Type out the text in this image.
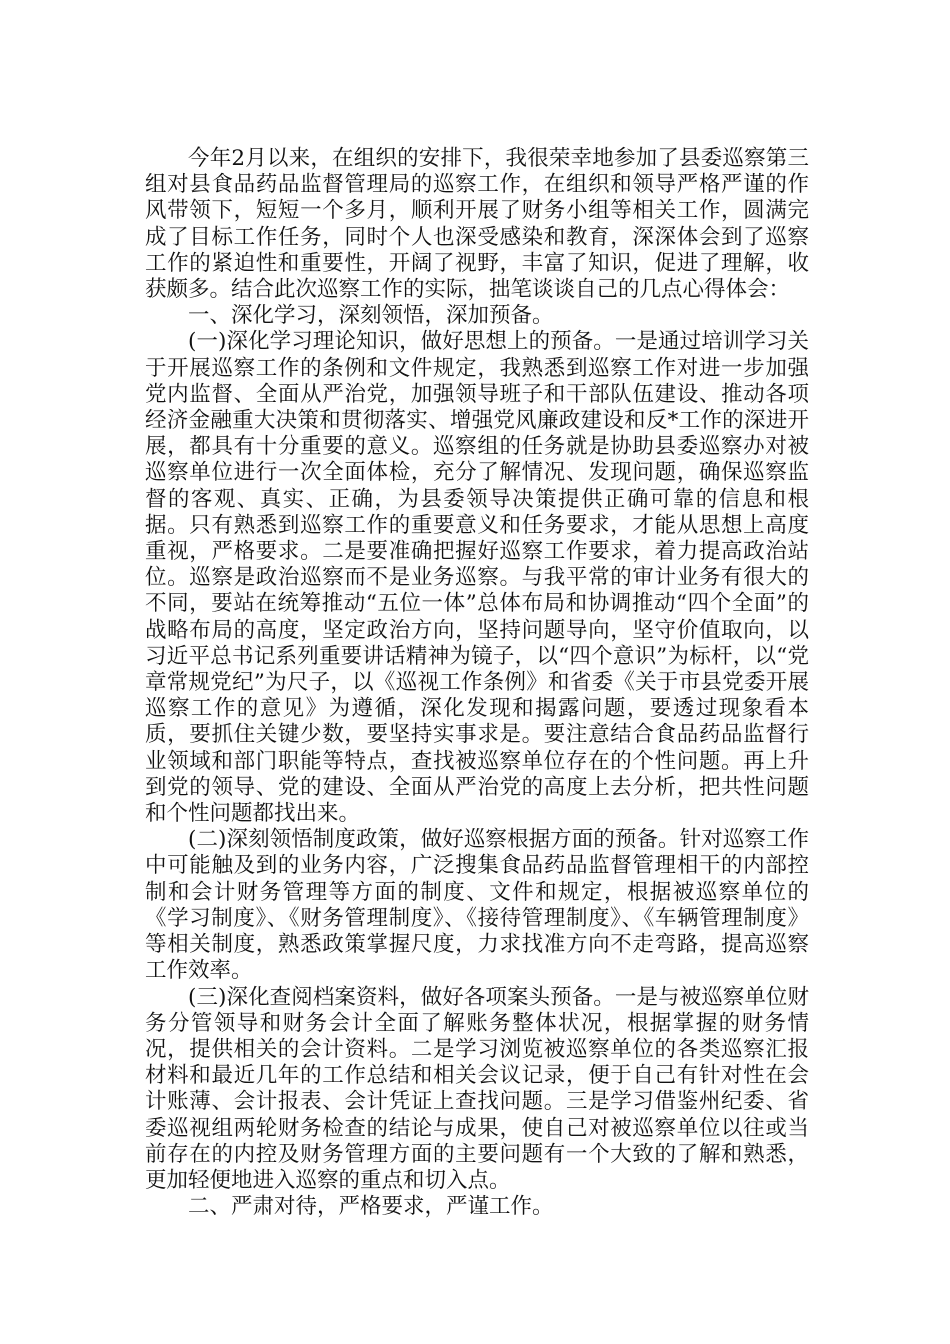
今年2月以来，在组织的安排下，我很荣幸地参加了县委巡察第三组对县食品药品监督管理局的巡察工作，在组织和领导严格严谨的作风带领下，短短一个多月，顺利开展了财务小组等相关工作，圆满完成了目标工作任务，同时个人也深受感染和教育，深深体会到了巡察工作的紧迫性和重要性，开阔了视野，丰富了知识，促进了理解，收获颇多。结合此次巡察工作的实际，拙笔谈谈自己的几点心得体会：

一、深化学习，深刻领悟，深加预备。

(一)深化学习理论知识，做好思想上的预备。一是通过培训学习关于开展巡察工作的条例和文件规定，我熟悉到巡察工作对进一步加强党内监督、全面从严治党，加强领导班子和干部队伍建设、推动各项经济金融重大决策和贯彻落实、增强党风廉政建设和反*工作的深进开展，都具有十分重要的意义。巡察组的任务就是协助县委巡察办对被巡察单位进行一次全面体检，充分了解情况、发现问题，确保巡察监督的客观、真实、正确，为县委领导决策提供正确可靠的信息和根据。只有熟悉到巡察工作的重要意义和任务要求，才能从思想上高度重视，严格要求。二是要准确把握好巡察工作要求，着力提高政治站位。巡察是政治巡察而不是业务巡察。与我平常的审计业务有很大的不同，要站在统筹推动“五位一体”总体布局和协调推动“四个全面”的战略布局的高度，坚定政治方向，坚持问题导向，坚守价值取向，以习近平总书记系列重要讲话精神为镜子，以“四个意识”为标杆，以“党章常规党纪”为尺子，以《巡视工作条例》和省委《关于市县党委开展巡察工作的意见》为遵循，深化发现和揭露问题，要透过现象看本质，要抓住关键少数，要坚持实事求是。要注意结合食品药品监督行业领域和部门职能等特点，查找被巡察单位存在的个性问题。再上升到党的领导、党的建设、全面从严治党的高度上去分析，把共性问题和个性问题都找出来。

(二)深刻领悟制度政策，做好巡察根据方面的预备。针对巡察工作中可能触及到的业务内容，广泛搜集食品药品监督管理相干的内部控制和会计财务管理等方面的制度、文件和规定，根据被巡察单位的《学习制度》、《财务管理制度》、《接待管理制度》、《车辆管理制度》等相关制度，熟悉政策掌握尺度，力求找准方向不走弯路，提高巡察工作效率。

(三)深化查阅档案资料，做好各项案头预备。一是与被巡察单位财务分管领导和财务会计全面了解账务整体状况，根据掌握的财务情况，提供相关的会计资料。二是学习浏览被巡察单位的各类巡察汇报材料和最近几年的工作总结和相关会议记录，便于自己有针对性在会计账薄、会计报表、会计凭证上查找问题。三是学习借鉴州纪委、省委巡视组两轮财务检查的结论与成果，使自己对被巡察单位以往或当前存在的内控及财务管理方面的主要问题有一个大致的了解和熟悉，更加轻便地进入巡察的重点和切入点。

二、严肃对待，严格要求，严谨工作。
